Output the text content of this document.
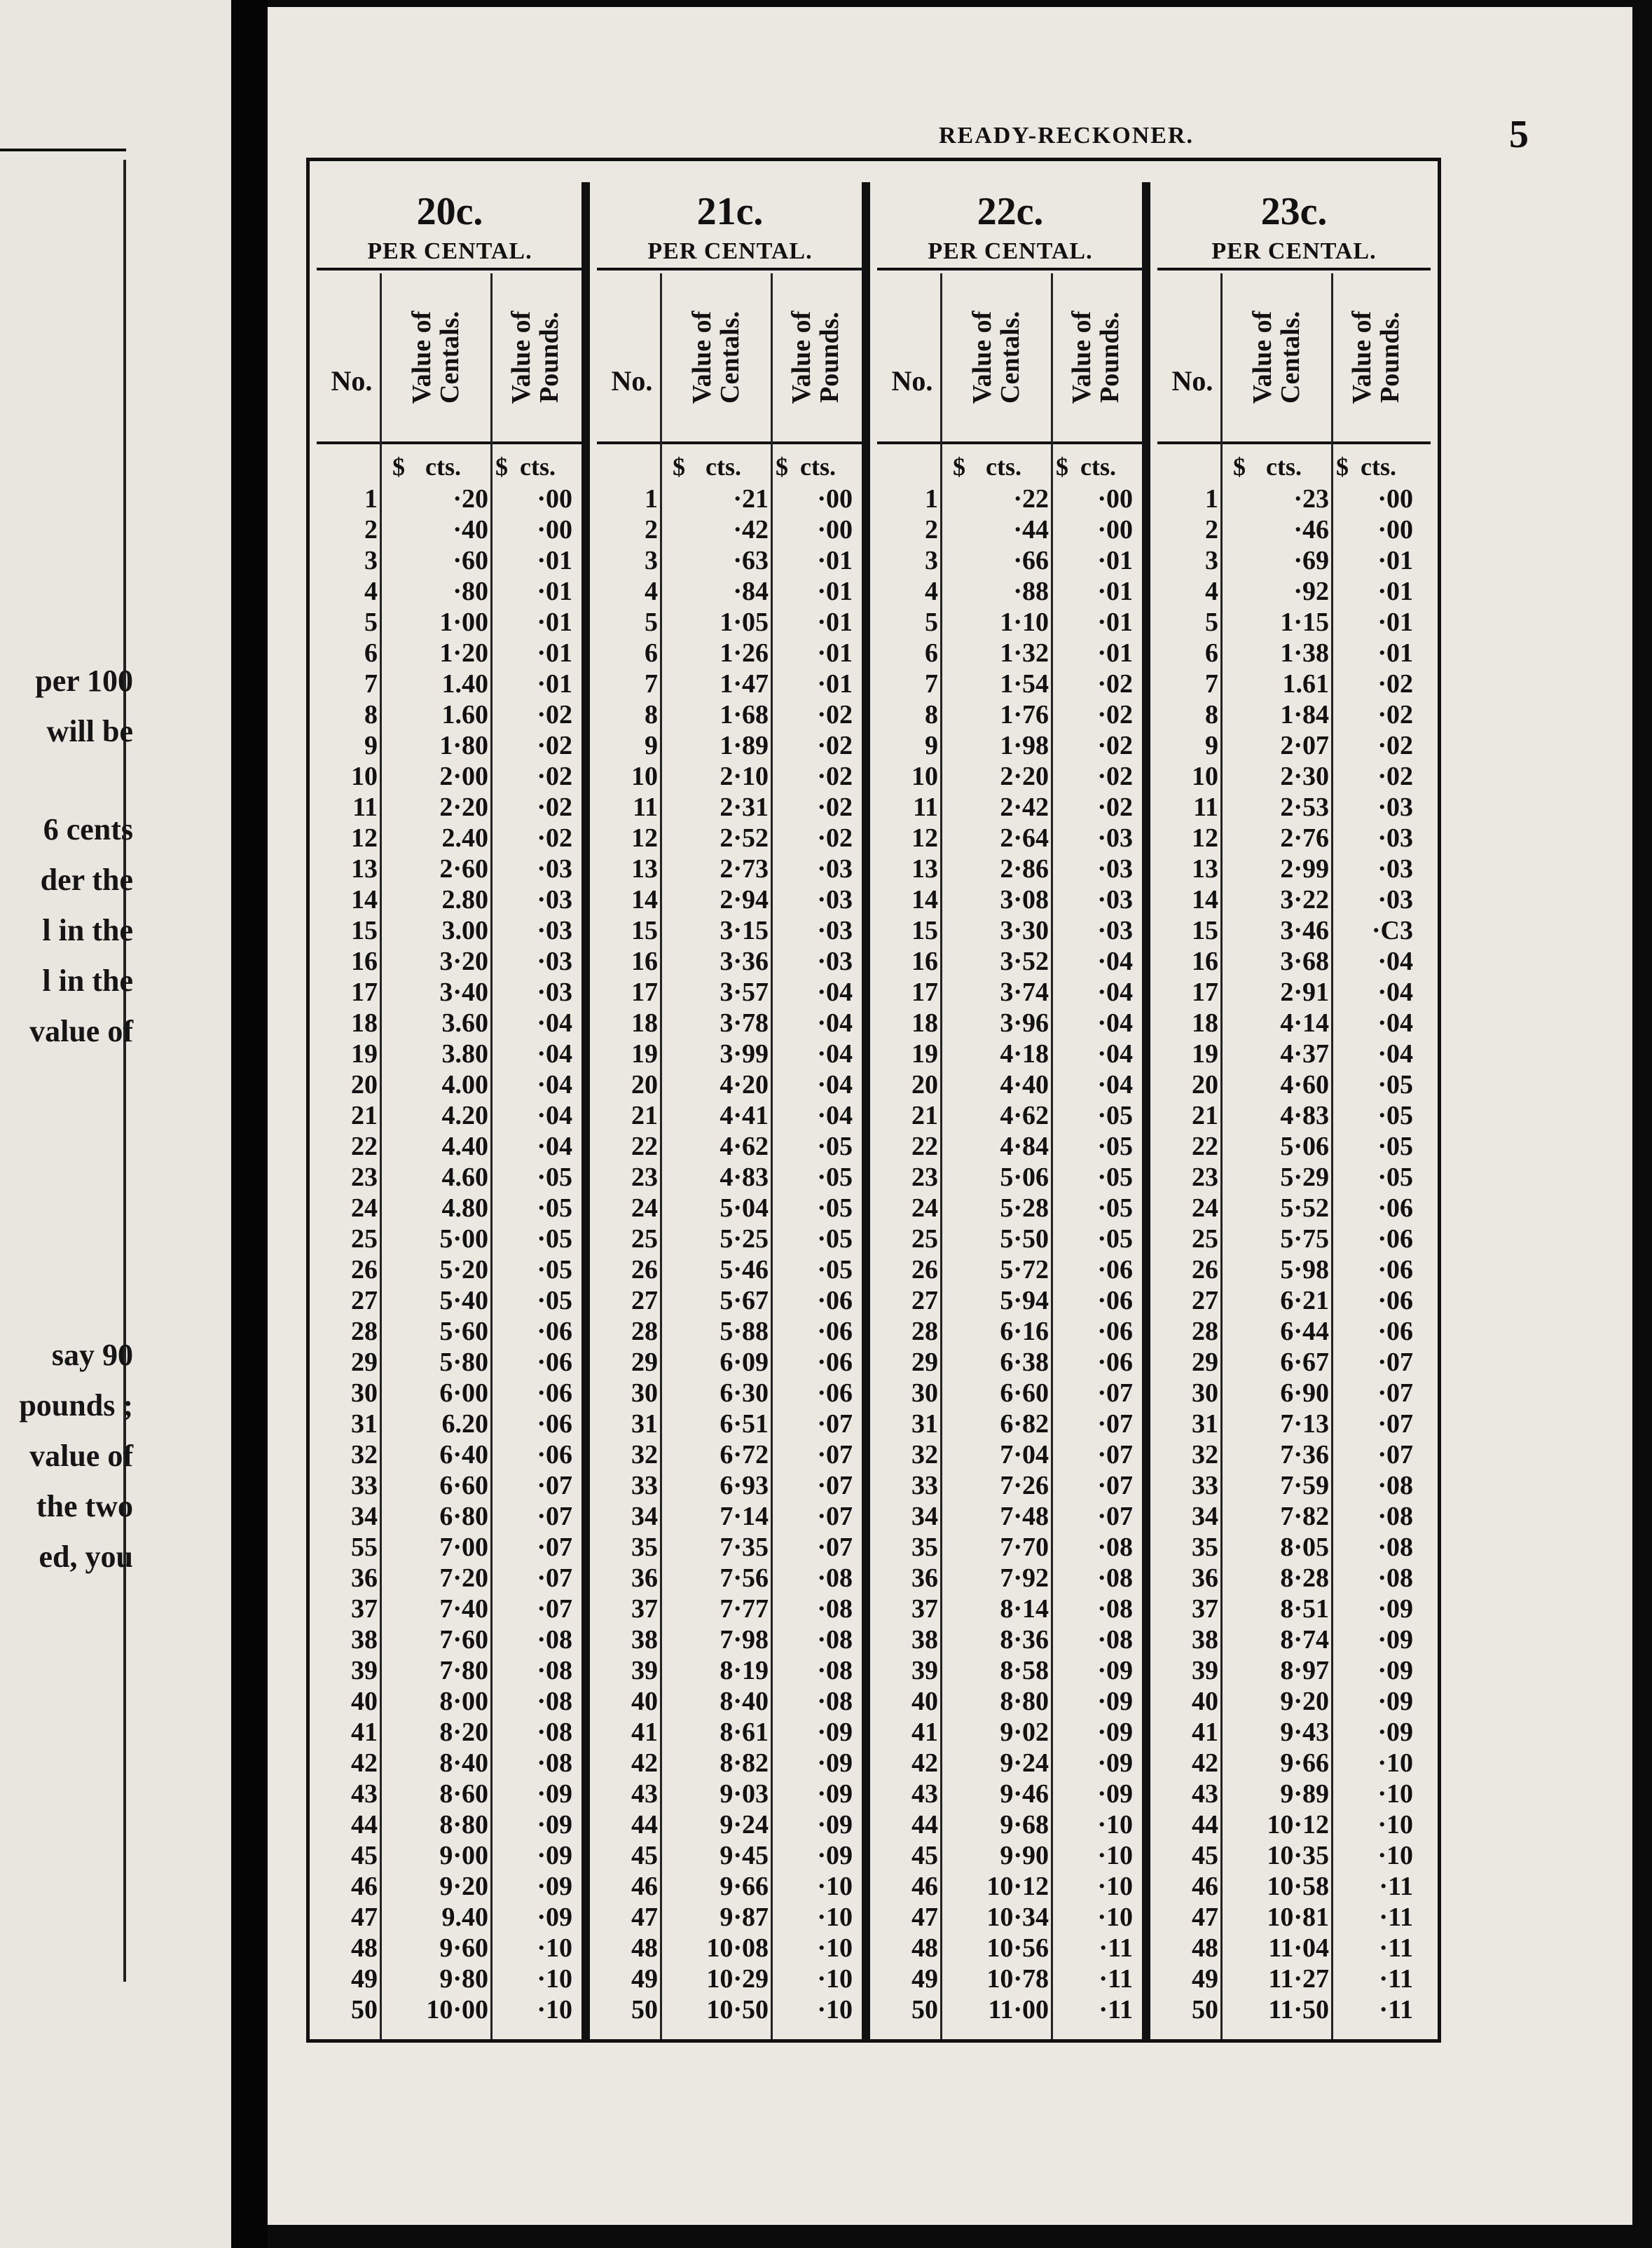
per 100
will be
6 cents
der the
l in the
l in the
value of
say 90
pounds ;
value of
the two
ed, you
READY-RECKONER.	5
20c.
PER CENTAL.
No.	Value of Centals. Value of Pounds.
$ cts. $ cts.
1	·20	·00
2	·40	·00
3	·60	·01
4	·80	·01
5	1·00	·01
6	1·20	·01
7	1.40	·01
8	1.60	·02
9	1·80	·02
10	2·00	·02
11	2·20	·02
12	2.40	·02
13	2·60	·03
14	2.80	·03
15	3.00	·03
16	3·20	·03
17	3·40	·03
18	3.60	·04
19	3.80	·04
20	4.00	·04
21	4.20	·04
22	4.40	·04
23	4.60	·05
24	4.80	·05
25	5·00	·05
26	5·20	·05
27	5·40	·05
28	5·60	·06
29	5·80	·06
30	6·00	·06
31	6.20	·06
32	6·40	·06
33	6·60	·07
34	6·80	·07
55	7·00	·07
36	7·20	·07
37	7·40	·07
38	7·60	·08
39	7·80	·08
40	8·00	·08
41	8·20	·08
42	8·40	·08
43	8·60	·09
44	8·80	·09
45	9·00	·09
46	9·20	·09
47	9.40	·09
48	9·60	·10
49	9·80	·10
50	10·00	·10
21c.
PER CENTAL.
No.	Value of Centals. Value of Pounds.
$ cts. $ cts.
1	·21	·00
2	·42	·00
3	·63	·01
4	·84	·01
5	1·05	·01
6	1·26	·01
7	1·47	·01
8	1·68	·02
9	1·89	·02
10	2·10	·02
11	2·31	·02
12	2·52	·02
13	2·73	·03
14	2·94	·03
15	3·15	·03
16	3·36	·03
17	3·57	·04
18	3·78	·04
19	3·99	·04
20	4·20	·04
21	4·41	·04
22	4·62	·05
23	4·83	·05
24	5·04	·05
25	5·25	·05
26	5·46	·05
27	5·67	·06
28	5·88	·06
29	6·09	·06
30	6·30	·06
31	6·51	·07
32	6·72	·07
33	6·93	·07
34	7·14	·07
35	7·35	·07
36	7·56	·08
37	7·77	·08
38	7·98	·08
39	8·19	·08
40	8·40	·08
41	8·61	·09
42	8·82	·09
43	9·03	·09
44	9·24	·09
45	9·45	·09
46	9·66	·10
47	9·87	·10
48	10·08	·10
49	10·29	·10
50	10·50	·10
22c.
PER CENTAL.
No.	Value of Centals. Value of Pounds.
$ cts. $ cts.
1	·22	·00
2	·44	·00
3	·66	·01
4	·88	·01
5	1·10	·01
6	1·32	·01
7	1·54	·02
8	1·76	·02
9	1·98	·02
10	2·20	·02
11	2·42	·02
12	2·64	·03
13	2·86	·03
14	3·08	·03
15	3·30	·03
16	3·52	·04
17	3·74	·04
18	3·96	·04
19	4·18	·04
20	4·40	·04
21	4·62	·05
22	4·84	·05
23	5·06	·05
24	5·28	·05
25	5·50	·05
26	5·72	·06
27	5·94	·06
28	6·16	·06
29	6·38	·06
30	6·60	·07
31	6·82	·07
32	7·04	·07
33	7·26	·07
34	7·48	·07
35	7·70	·08
36	7·92	·08
37	8·14	·08
38	8·36	·08
39	8·58	·09
40	8·80	·09
41	9·02	·09
42	9·24	·09
43	9·46	·09
44	9·68	·10
45	9·90	·10
46	10·12	·10
47	10·34	·10
48	10·56	·11
49	10·78	·11
50	11·00	·11
23c.
PER CENTAL.
No.	Value of Centals. Value of Pounds.
$ cts. $ cts.
1	·23	·00
2	·46	·00
3	·69	·01
4	·92	·01
5	1·15	·01
6	1·38	·01
7	1.61	·02
8	1·84	·02
9	2·07	·02
10	2·30	·02
11	2·53	·03
12	2·76	·03
13	2·99	·03
14	3·22	·03
15	3·46	·C3
16	3·68	·04
17	2·91	·04
18	4·14	·04
19	4·37	·04
20	4·60	·05
21	4·83	·05
22	5·06	·05
23	5·29	·05
24	5·52	·06
25	5·75	·06
26	5·98	·06
27	6·21	·06
28	6·44	·06
29	6·67	·07
30	6·90	·07
31	7·13	·07
32	7·36	·07
33	7·59	·08
34	7·82	·08
35	8·05	·08
36	8·28	·08
37	8·51	·09
38	8·74	·09
39	8·97	·09
40	9·20	·09
41	9·43	·09
42	9·66	·10
43	9·89	·10
44	10·12	·10
45	10·35	·10
46	10·58	·11
47	10·81	·11
48	11·04	·11
49	11·27	·11
50	11·50	·11
